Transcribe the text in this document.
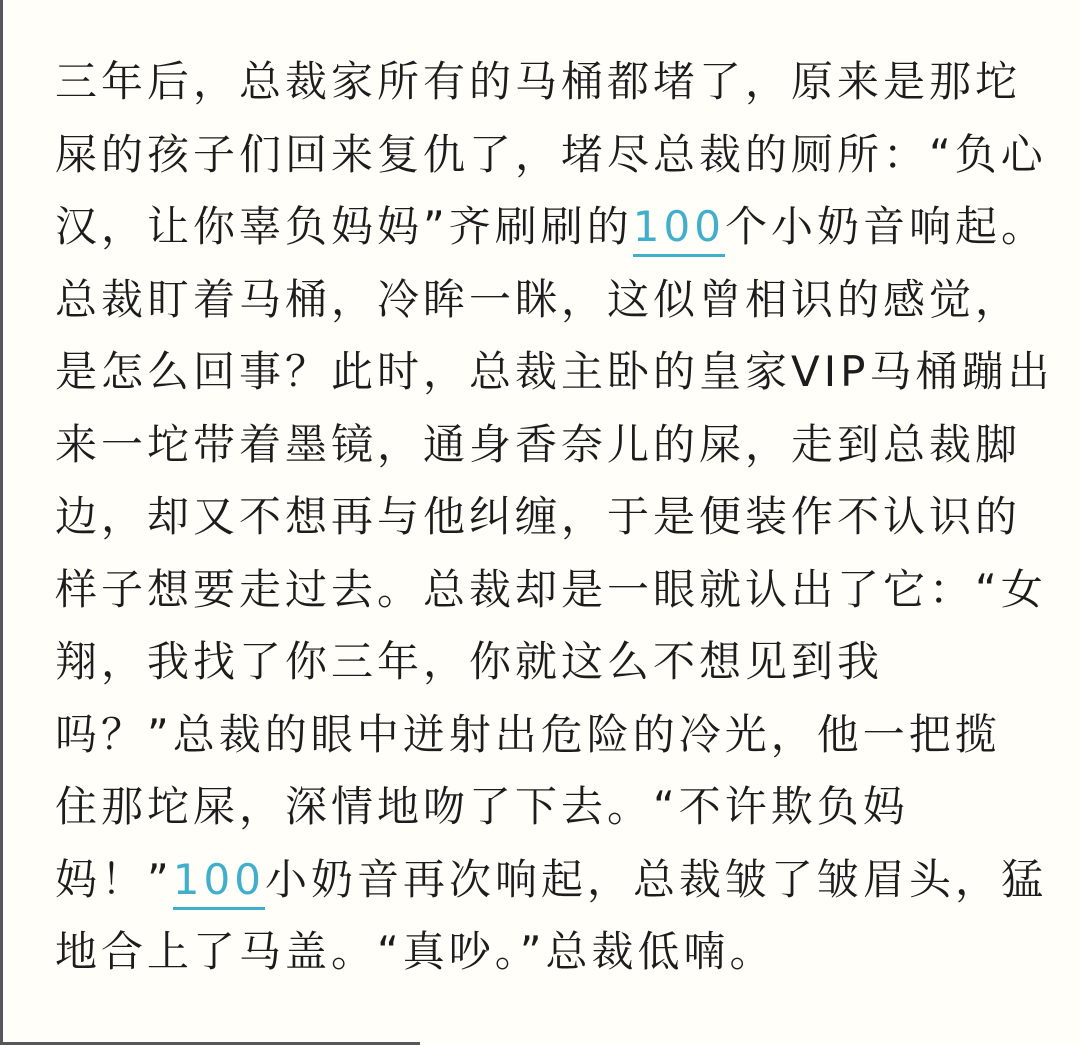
三年后，总裁家所有的马桶都堵了，原来是那坨
屎的孩子们回来复仇了，堵尽总裁的厕所：“负心
汉，让你辜负妈妈”齐刷刷的100个小奶音响起。
总裁盯着马桶，冷眸一眯，这似曾相识的感觉，
是怎么回事？此时，总裁主卧的皇家VIP马桶蹦出
来一坨带着墨镜，通身香奈儿的屎，走到总裁脚
边，却又不想再与他纠缠，于是便装作不认识的
样子想要走过去。总裁却是一眼就认出了它：“女
翔，我找了你三年，你就这么不想见到我
吗？”总裁的眼中迸射出危险的冷光，他一把揽
住那坨屎，深情地吻了下去。“不许欺负妈
妈！”100小奶音再次响起，总裁皱了皱眉头，猛
地合上了马盖。“真吵。”总裁低喃。
